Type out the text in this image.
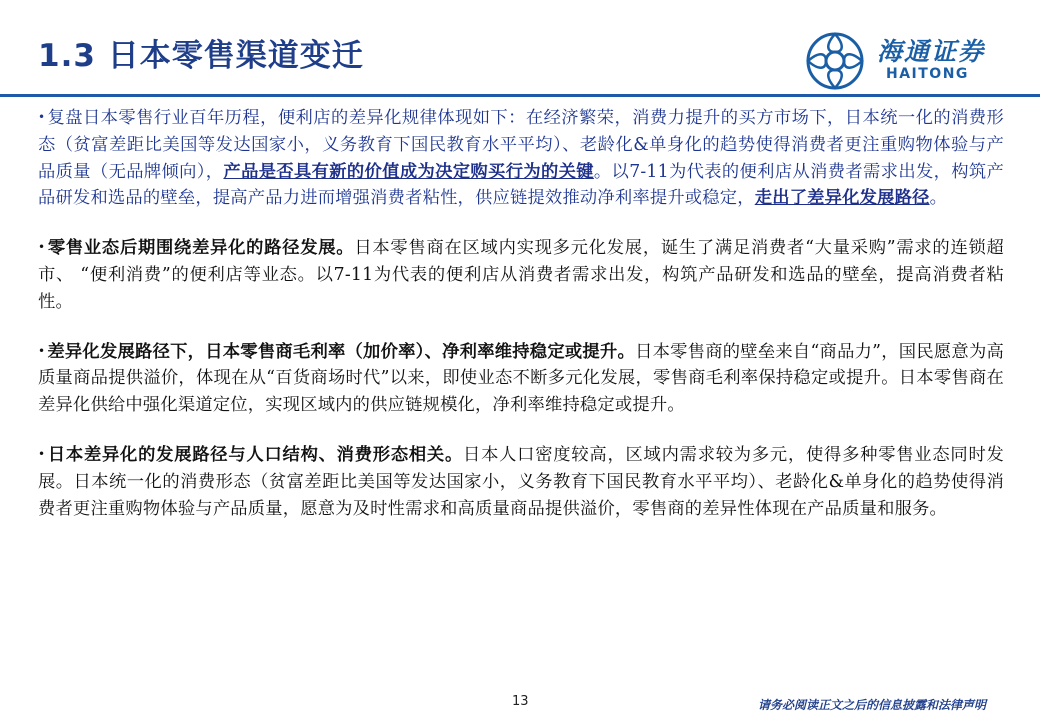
1.3 日本零售渠道变迁	海通证券
HAITONG

• 复盘日本零售行业百年历程，便利店的差异化规律体现如下：在经济繁荣，消费力提升的买方市场下，日本统一化的消费形态（贫富差距比美国等发达国家小，义务教育下国民教育水平平均）、老龄化&单身化的趋势使得消费者更注重购物体验与产品质量（无品牌倾向），产品是否具有新的价值成为决定购买行为的关键。以7-11为代表的便利店从消费者需求出发，构筑产品研发和选品的壁垒，提高产品力进而增强消费者粘性，供应链提效推动净利率提升或稳定，走出了差异化发展路径。

• 零售业态后期围绕差异化的路径发展。日本零售商在区域内实现多元化发展，诞生了满足消费者“大量采购”需求的连锁超市、 “便利消费”的便利店等业态。以7-11为代表的便利店从消费者需求出发，构筑产品研发和选品的壁垒，提高消费者粘性。

• 差异化发展路径下，日本零售商毛利率（加价率）、净利率维持稳定或提升。日本零售商的壁垒来自“商品力”，国民愿意为高质量商品提供溢价，体现在从“百货商场时代”以来，即使业态不断多元化发展，零售商毛利率保持稳定或提升。日本零售商在差异化供给中强化渠道定位，实现区域内的供应链规模化，净利率维持稳定或提升。

• 日本差异化的发展路径与人口结构、消费形态相关。日本人口密度较高，区域内需求较为多元，使得多种零售业态同时发展。日本统一化的消费形态（贫富差距比美国等发达国家小，义务教育下国民教育水平平均）、老龄化&单身化的趋势使得消费者更注重购物体验与产品质量，愿意为及时性需求和高质量商品提供溢价，零售商的差异性体现在产品质量和服务。

13	请务必阅读正文之后的信息披露和法律声明
